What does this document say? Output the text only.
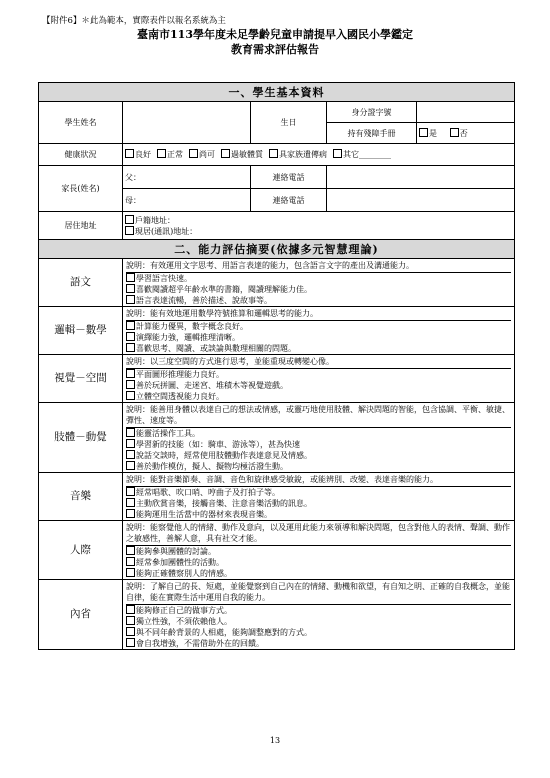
【附件6】＊此為範本，實際表件以報名系統為主
臺南市113學年度未足學齡兒童申請提早入國民小學鑑定
教育需求評估報告
一、學生基本資料				
學生姓名		生日	身分證字號	
			持有殘障手冊	是 否
健康狀況	良好 正常 尚可 過敏體質 具家族遺傳病 其它________			
家長(姓名)	父：	連絡電話		
	母：	連絡電話		
居住地址	戶籍地址：
現居(通訊)地址：			

二、能力評估摘要(依據多元智慧理論)				
語文	說明：有效運用文字思考、用語言表達的能力，包含語言文字的產出及溝通能力。
學習語言快速。
喜歡閱讀超乎年齡水準的書籍，閱讀理解能力佳。
語言表達流暢，善於描述、說故事等。			

邏輯－數學	說明：能有效地運用數學符號推算和邏輯思考的能力。
計算能力優異，數字概念良好。
演繹能力強，邏輯推理清晰。
喜歡思考、閱讀、或談論與數理相關的問題。			

視覺－空間	說明：以三度空間的方式進行思考，並能重現或轉變心像。
平面圖形推理能力良好。
善於玩拼圖、走迷宮、堆積木等視覺遊戲。
立體空間透視能力良好。			

肢體－動覺	說明：能善用身體以表達自己的想法或情感，或靈巧地使用肢體、解決問題的智能，包含協調、平衡、敏捷、彈性、速度等。
能靈活操作工具。
學習新的技能（如：騎車、游泳等），甚為快速
說話交談時，經常使用肢體動作表達意見及情感。
善於動作模仿，擬人、擬物均極活潑生動。			

音樂	說明：能對音樂節奏、音調、音色和旋律感受敏銳，或能辨別、改變、表達音樂的能力。
經常唱歌、吹口哨、哼曲子及打拍子等。
主動欣賞音樂，接觸音樂、注意音樂活動的訊息。
能夠運用生活當中的器材來表現音樂。			

人際	說明：能察覺他人的情緒、動作及意向，以及運用此能力來領導和解決問題，包含對他人的表情、聲調、動作之敏感性，善解人意，具有社交才能。
能夠參與團體的討論。
經常參加團體性的活動。
能夠正確體察別人的情感。			

內省	說明：了解自己的長、短處，並能覺察到自己內在的情緒、動機和欲望，有自知之明、正確的自我概念，並能自律，能在實際生活中運用自我的能力。
能夠修正自己的做事方式。
獨立性強，不須依賴他人。
與不同年齡背景的人相處，能夠調整應對的方式。
會自我增強，不需借助外在的回饋。			
13
